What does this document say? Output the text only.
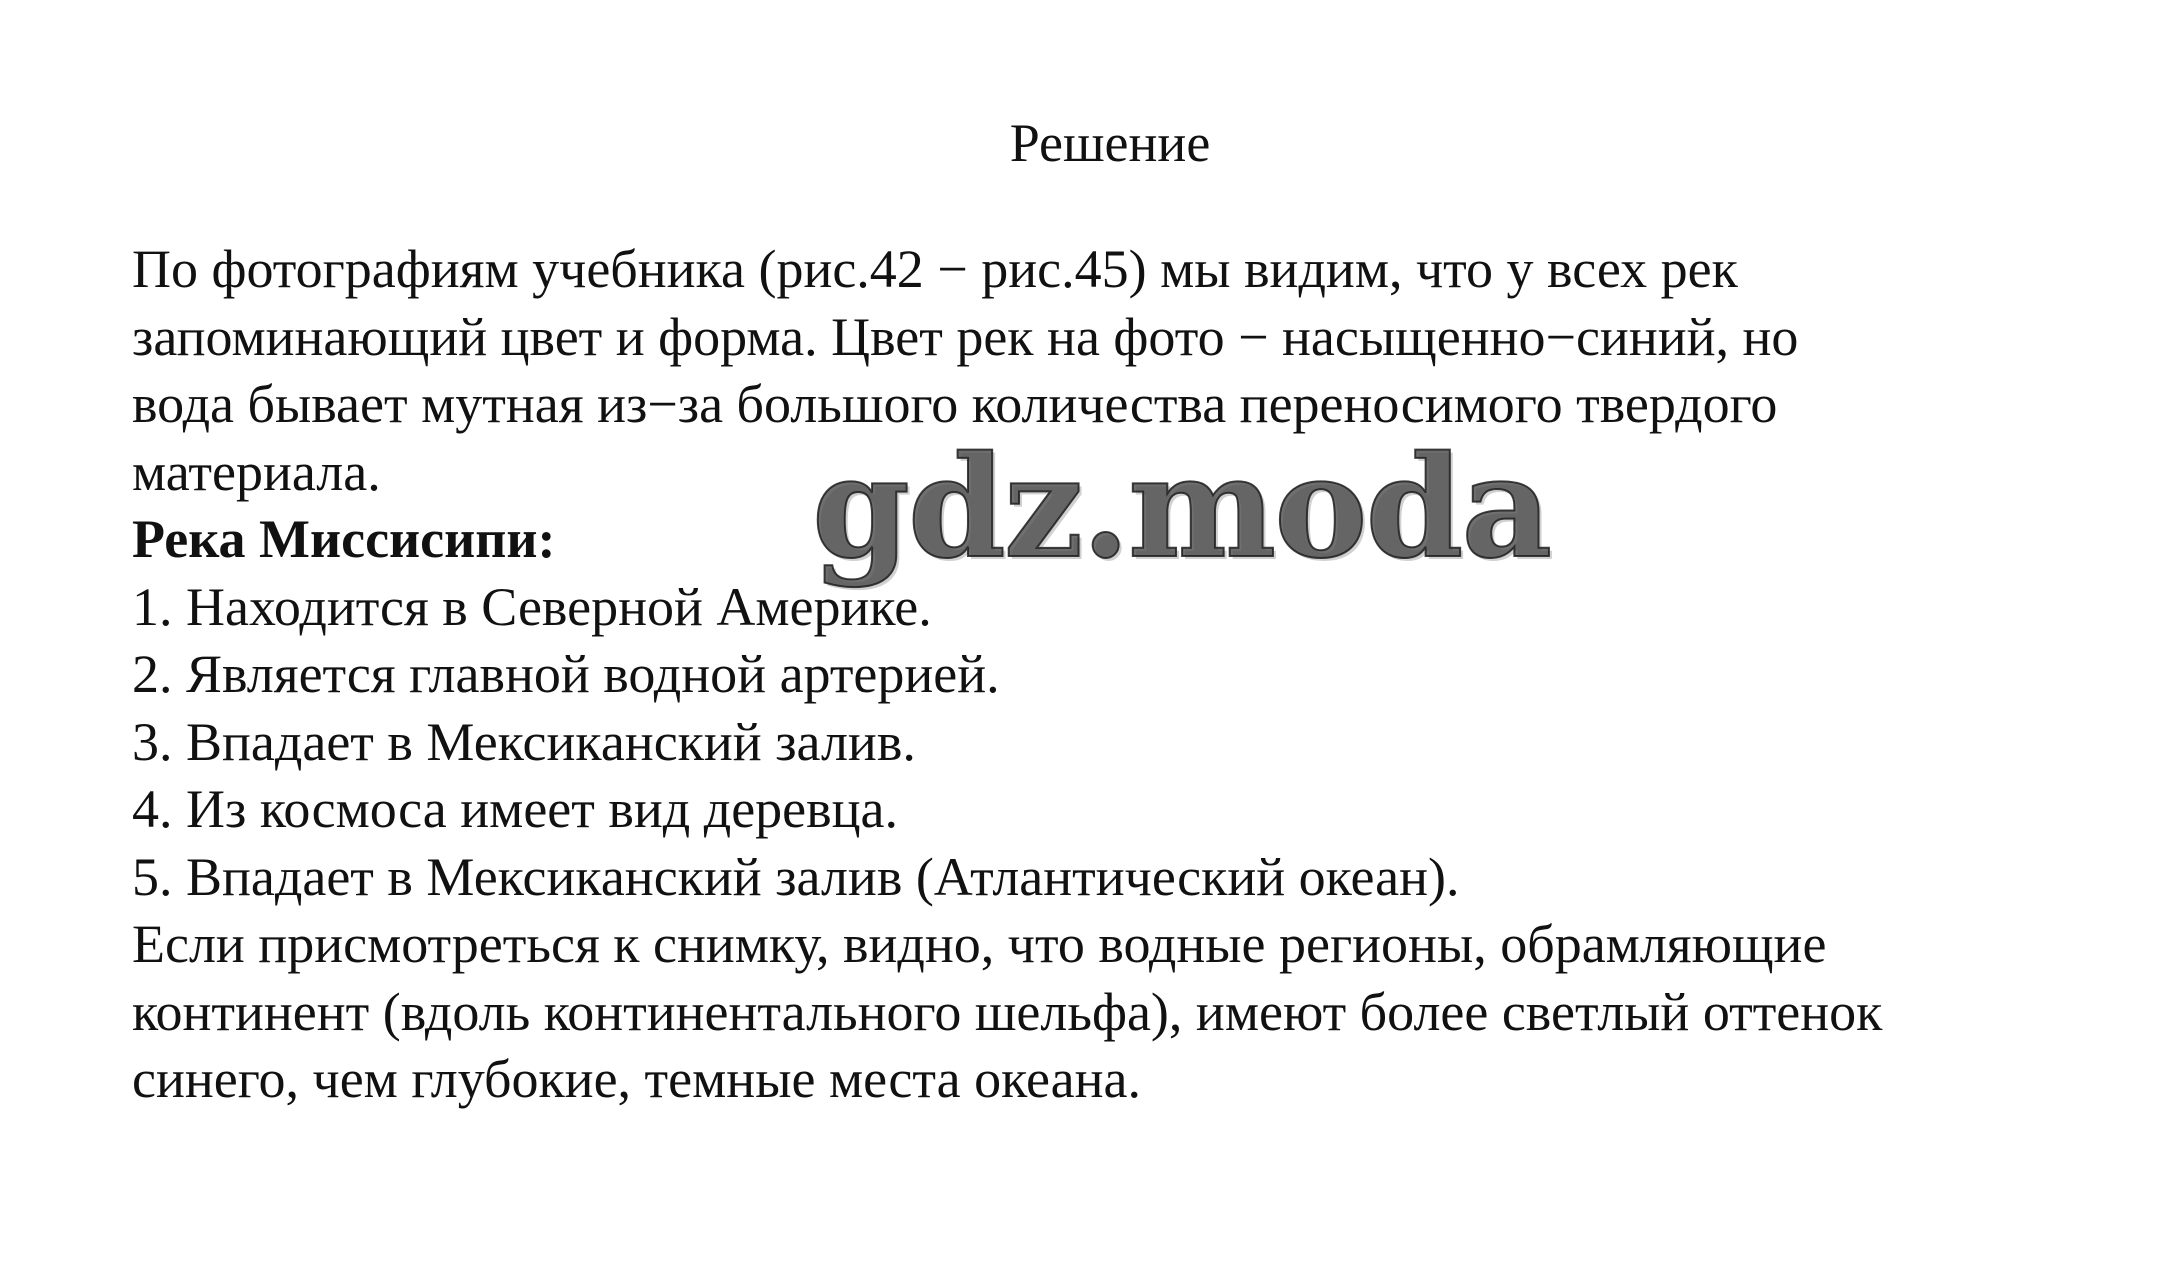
Решение

По фотографиям учебника (рис.42 − рис.45) мы видим, что у всех рек

запоминающий цвет и форма. Цвет рек на фото − насыщенно−синий, но

вода бывает мутная из−за большого количества переносимого твердого

материала.

Река Миссисипи:

1. Находится в Северной Америке.

2. Является главной водной артерией.

3. Впадает в Мексиканский залив.

4. Из космоса имеет вид деревца.

5. Впадает в Мексиканский залив (Атлантический океан).

Если присмотреться к снимку, видно, что водные регионы, обрамляющие

континент (вдоль континентального шельфа), имеют более светлый оттенок

синего, чем глубокие, темные места океана.

gdz.moda
